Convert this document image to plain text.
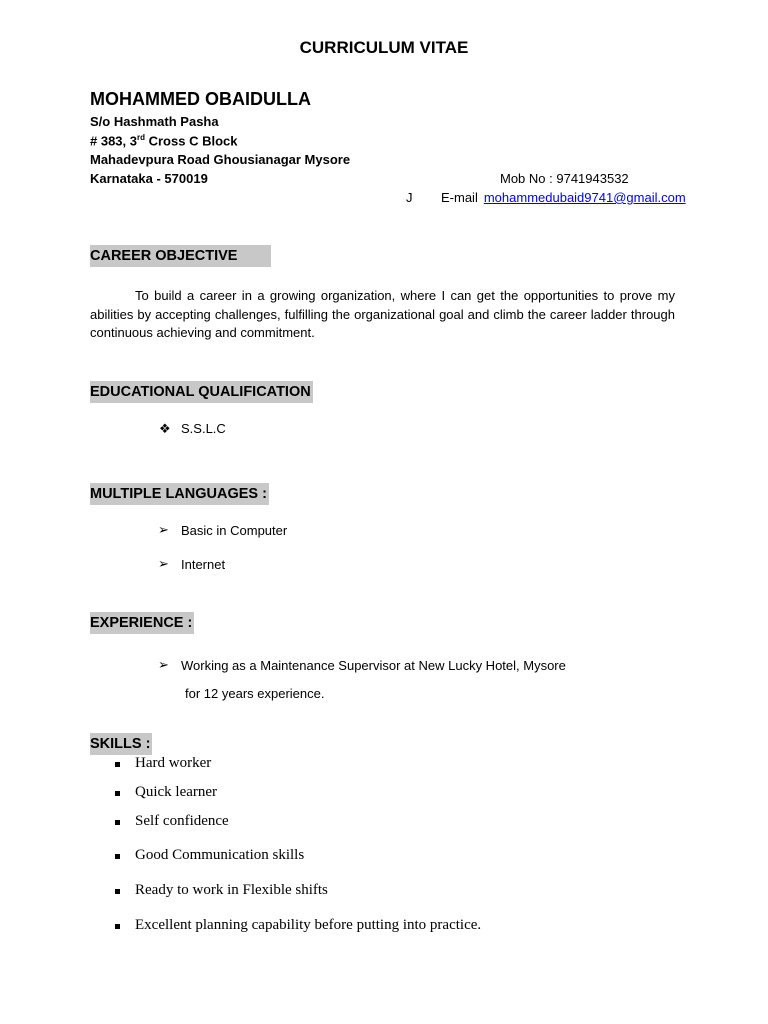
CURRICULUM VITAE
MOHAMMED OBAIDULLA
S/o Hashmath Pasha
# 383, 3rd Cross C Block
Mahadevpura Road Ghousianagar Mysore
Karnataka - 570019	Mob No : 9741943532
J E-mail mohammedubaid9741@gmail.com
CAREER OBJECTIVE
To build a career in a growing organization, where I can get the opportunities to prove my abilities by accepting challenges, fulfilling the organizational goal and climb the career ladder through continuous achieving and commitment.
EDUCATIONAL QUALIFICATION
❖ S.S.L.C
MULTIPLE LANGUAGES :
➢ Basic in Computer
➢ Internet
EXPERIENCE :
➢ Working as a Maintenance Supervisor at New Lucky Hotel, Mysore
for 12 years experience.
SKILLS :
Hard worker
Quick learner
Self confidence
Good Communication skills
Ready to work in Flexible shifts
Excellent planning capability before putting into practice.
